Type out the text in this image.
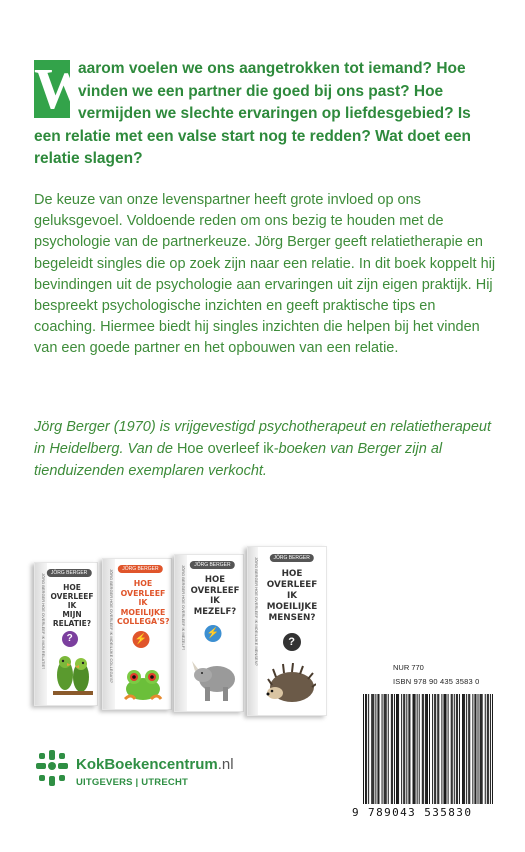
W
aarom voelen we ons aangetrokken tot iemand? Hoe vinden we een partner die goed bij ons past? Hoe vermijden we slechte ervaringen op liefdesgebied? Is een relatie met een valse start nog te redden? Wat doet een relatie slagen?
De keuze van onze levenspartner heeft grote invloed op ons geluksgevoel. Voldoende reden om ons bezig te houden met de psychologie van de partnerkeuze. Jörg Berger geeft relatietherapie en begeleidt singles die op zoek zijn naar een relatie. In dit boek koppelt hij bevindingen uit de psychologie aan ervaringen uit zijn eigen praktijk. Hij bespreekt psychologische inzichten en geeft praktische tips en coaching. Hiermee biedt hij singles inzichten die helpen bij het vinden van een goede partner en het opbouwen van een relatie.
Jörg Berger (1970) is vrijgevestigd psychotherapeut en relatietherapeut in Heidelberg. Van de Hoe overleef ik-boeken van Berger zijn al tienduizenden exemplaren verkocht.
JÖRG BERGER HOE OVERLEEF IK MIJN RELATIE? JÖRG BERGER
HOE
OVERLEEF
IK
MIJN
RELATIE?
?	JÖRG BERGER HOE OVERLEEF IK MOEILIJKE COLLEGA'S?	JÖRG BERGER
HOE
OVERLEEF
IK
MOEILIJKE
COLLEGA'S?
⚡	JÖRG BERGER HOE OVERLEEF IK MEZELF?	JÖRG BERGER
HOE
OVERLEEF
IK
MEZELF?
⚡	JÖRG BERGER HOE OVERLEEF IK MOEILIJKE MENSEN?	JÖRG BERGER
HOE
OVERLEEF
IK
MOEILIJKE
MENSEN?
?
KokBoekencentrum.nl
UITGEVERS | UTRECHT
NUR 770
ISBN 978 90 435 3583 0
9 789043 535830
